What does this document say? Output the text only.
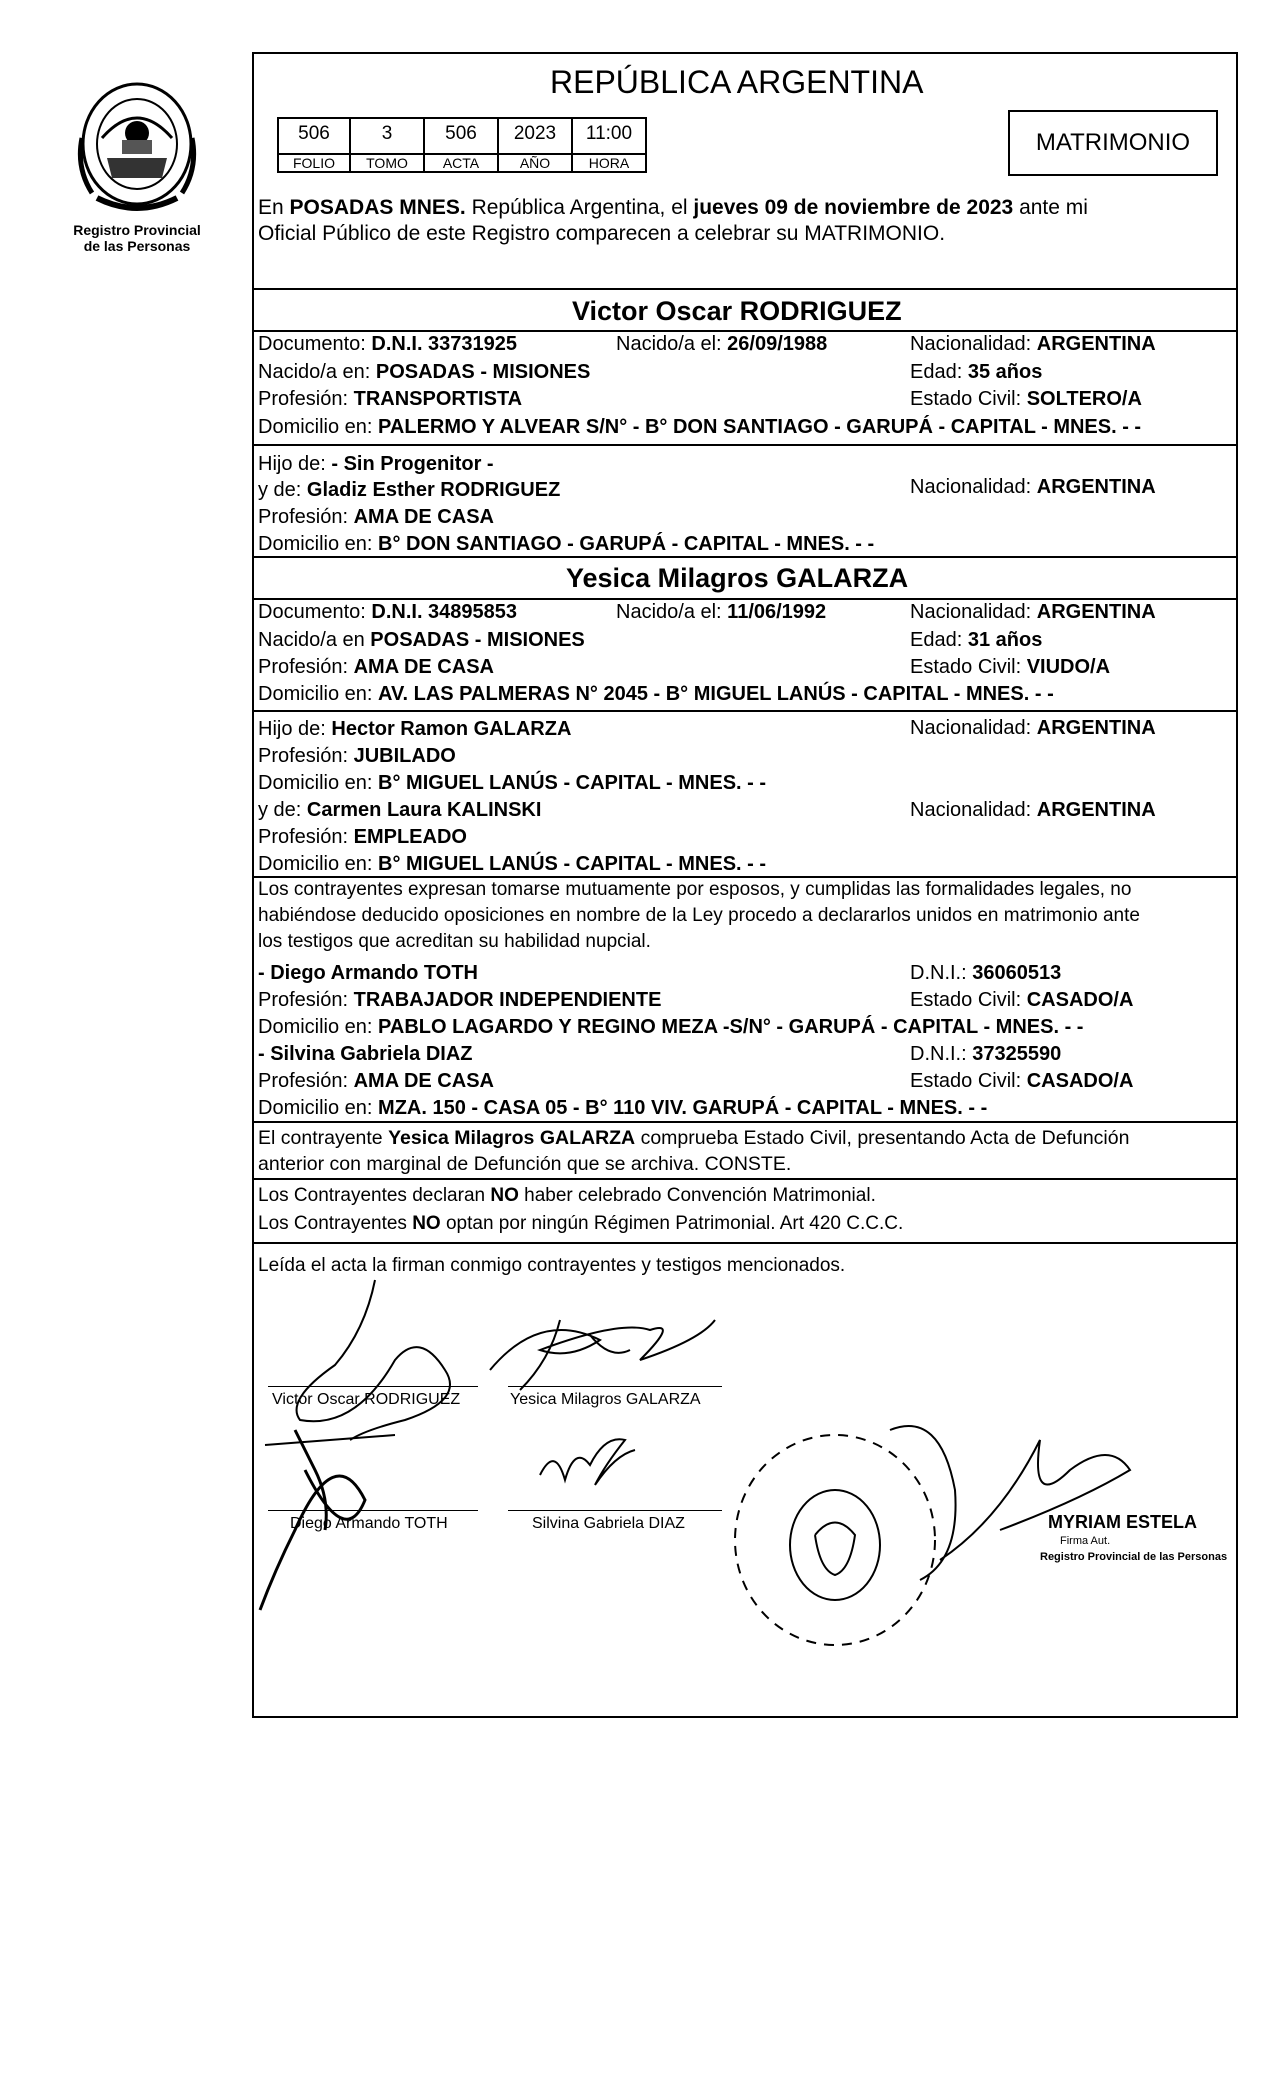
Registro Provincial
de las Personas
REPÚBLICA ARGENTINA
506	3	506	2023	11:00
FOLIO	TOMO	ACTA	AÑO	HORA
MATRIMONIO
En POSADAS MNES. República Argentina, el jueves 09 de noviembre de 2023 ante mi
Oficial Público de este Registro comparecen a celebrar su MATRIMONIO.
Victor Oscar RODRIGUEZ
Documento: D.N.I. 33731925	Nacido/a el: 26/09/1988	Nacionalidad: ARGENTINA
Nacido/a en: POSADAS - MISIONES	Edad: 35 años
Profesión: TRANSPORTISTA	Estado Civil: SOLTERO/A
Domicilio en: PALERMO Y ALVEAR S/N° - B° DON SANTIAGO - GARUPÁ - CAPITAL - MNES. - -
Hijo de: - Sin Progenitor -
y de: Gladiz Esther RODRIGUEZ	Nacionalidad: ARGENTINA
Profesión: AMA DE CASA
Domicilio en: B° DON SANTIAGO - GARUPÁ - CAPITAL - MNES. - -
Yesica Milagros GALARZA
Documento: D.N.I. 34895853	Nacido/a el: 11/06/1992	Nacionalidad: ARGENTINA
Nacido/a en POSADAS - MISIONES	Edad: 31 años
Profesión: AMA DE CASA	Estado Civil: VIUDO/A
Domicilio en: AV. LAS PALMERAS N° 2045 - B° MIGUEL LANÚS - CAPITAL - MNES. - -
Hijo de: Hector Ramon GALARZA	Nacionalidad: ARGENTINA
Profesión: JUBILADO
Domicilio en: B° MIGUEL LANÚS - CAPITAL - MNES. - -
y de: Carmen Laura KALINSKI	Nacionalidad: ARGENTINA
Profesión: EMPLEADO
Domicilio en: B° MIGUEL LANÚS - CAPITAL - MNES. - -
Los contrayentes expresan tomarse mutuamente por esposos, y cumplidas las formalidades legales, no
habiéndose deducido oposiciones en nombre de la Ley procedo a declararlos unidos en matrimonio ante
los testigos que acreditan su habilidad nupcial.
- Diego Armando TOTH	D.N.I.: 36060513
Profesión: TRABAJADOR INDEPENDIENTE	Estado Civil: CASADO/A
Domicilio en: PABLO LAGARDO Y REGINO MEZA -S/N° - GARUPÁ - CAPITAL - MNES. - -
- Silvina Gabriela DIAZ	D.N.I.: 37325590
Profesión: AMA DE CASA	Estado Civil: CASADO/A
Domicilio en: MZA. 150 - CASA 05 - B° 110 VIV. GARUPÁ - CAPITAL - MNES. - -
El contrayente Yesica Milagros GALARZA comprueba Estado Civil, presentando Acta de Defunción
anterior con marginal de Defunción que se archiva. CONSTE.
Los Contrayentes declaran NO haber celebrado Convención Matrimonial.
Los Contrayentes NO optan por ningún Régimen Patrimonial. Art 420 C.C.C.
Leída el acta la firman conmigo contrayentes y testigos mencionados.
Victor Oscar RODRIGUEZ	Yesica Milagros GALARZA
Diego Armando TOTH	Silvina Gabriela DIAZ	MYRIAM ESTELA
Firma Aut.
Registro Provincial de las Personas
